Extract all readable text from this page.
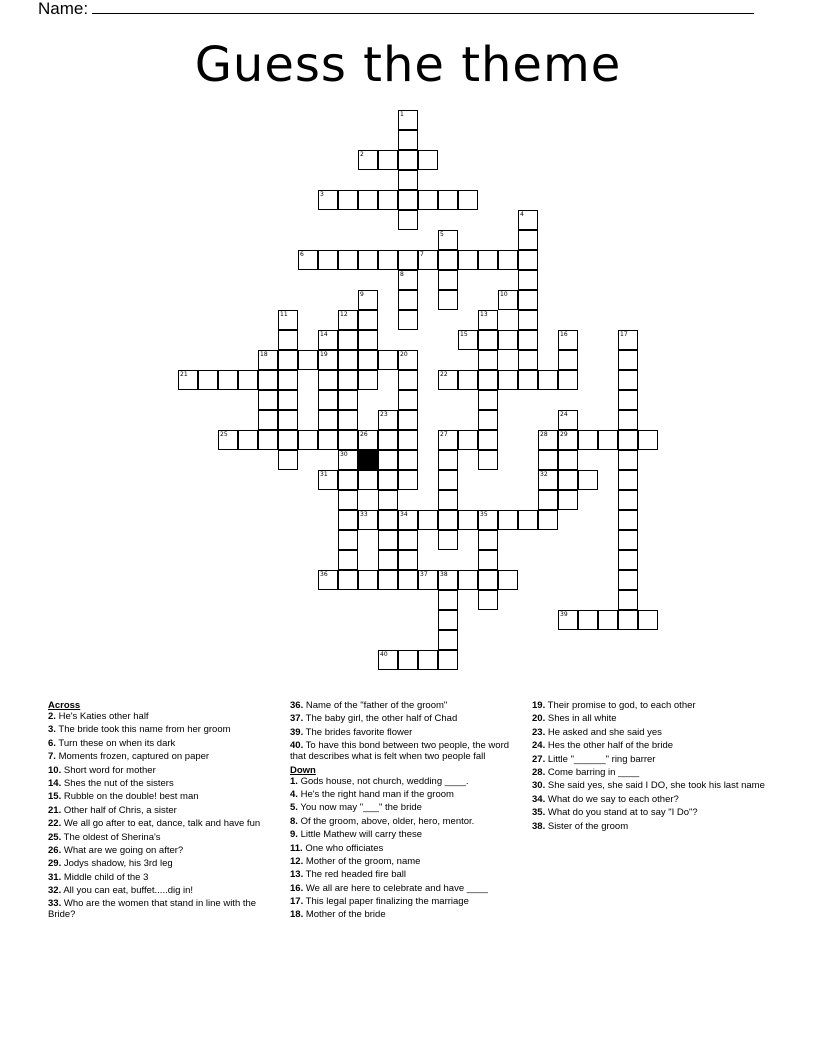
Name:
Guess the theme
1
2
3
4
5
6	7
8
9	10
11	12	13
14	15	16	17
18	19	20
21	22
23	24
25	26	27	28 29
30
31	32
33	34	35
36	37 38
39
40
Across
2. He's Katies other half
3. The bride took this name from her groom
6. Turn these on when its dark
7. Moments frozen, captured on paper
10. Short word for mother
14. Shes the nut of the sisters
15. Rubble on the double! best man
21. Other half of Chris, a sister
22. We all go after to eat, dance, talk and have fun
25. The oldest of Sherina's
26. What are we going on after?
29. Jodys shadow, his 3rd leg
31. Middle child of the 3
32. All you can eat, buffet.....dig in!
33. Who are the women that stand in line with the Bride?
36. Name of the "father of the groom"
37. The baby girl, the other half of Chad
39. The brides favorite flower
40. To have this bond between two people, the word that describes what is felt when two people fall
Down
1. Gods house, not church, wedding ____.
4. He's the right hand man if the groom
5. You now may "___" the bride
8. Of the groom, above, older, hero, mentor.
9. Little Mathew will carry these
11. One who officiates
12. Mother of the groom, name
13. The red headed fire ball
16. We all are here to celebrate and have ____
17. This legal paper finalizing the marriage
18. Mother of the bride
19. Their promise to god, to each other
20. Shes in all white
23. He asked and she said yes
24. Hes the other half of the bride
27. Little "______" ring barrer
28. Come barring in ____
30. She said yes, she said I DO, she took his last name
34. What do we say to each other?
35. What do you stand at to say "I Do"?
38. Sister of the groom
